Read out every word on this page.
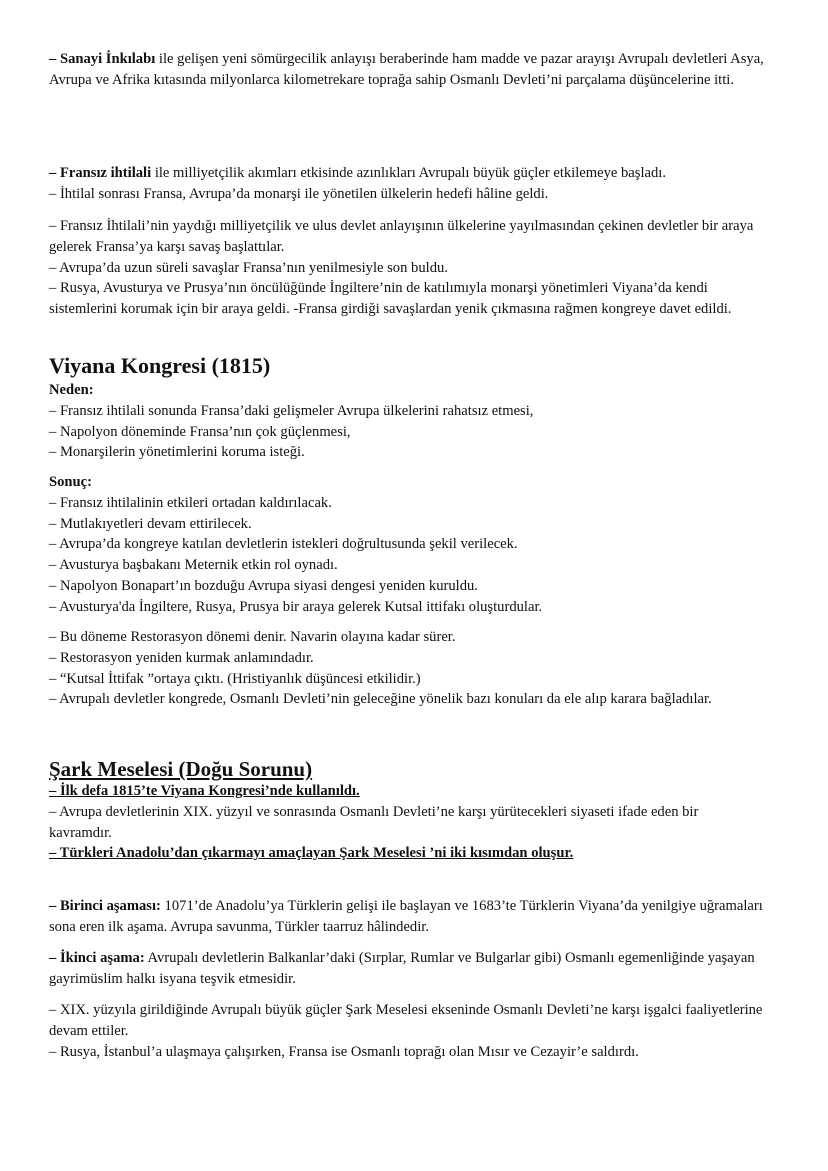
– Sanayi İnkılabı ile gelişen yeni sömürgecilik anlayışı beraberinde ham madde ve pazar arayışı Avrupalı devletleri Asya, Avrupa ve Afrika kıtasında milyonlarca kilometrekare toprağa sahip Osmanlı Devleti’ni parçalama düşüncelerine itti.

– Fransız ihtilali ile milliyetçilik akımları etkisinde azınlıkları Avrupalı büyük güçler etkilemeye başladı.

– İhtilal sonrası Fransa, Avrupa’da monarşi ile yönetilen ülkelerin hedefi hâline geldi.

– Fransız İhtilali’nin yaydığı milliyetçilik ve ulus devlet anlayışının ülkelerine yayılmasından çekinen devletler bir araya gelerek Fransa’ya karşı savaş başlattılar.

– Avrupa’da uzun süreli savaşlar Fransa’nın yenilmesiyle son buldu.

– Rusya, Avusturya ve Prusya’nın öncülüğünde İngiltere’nin de katılımıyla monarşi yönetimleri Viyana’da kendi sistemlerini korumak için bir araya geldi. -Fransa girdiği savaşlardan yenik çıkmasına rağmen kongreye davet edildi.

Viyana Kongresi (1815)

Neden:

– Fransız ihtilali sonunda Fransa’daki gelişmeler Avrupa ülkelerini rahatsız etmesi,

– Napolyon döneminde Fransa’nın çok güçlenmesi,

– Monarşilerin yönetimlerini koruma isteği.

Sonuç:

– Fransız ihtilalinin etkileri ortadan kaldırılacak.

– Mutlakıyetleri devam ettirilecek.

– Avrupa’da kongreye katılan devletlerin istekleri doğrultusunda şekil verilecek.

– Avusturya başbakanı Meternik etkin rol oynadı.

– Napolyon Bonapart’ın bozduğu Avrupa siyasi dengesi yeniden kuruldu.

– Avusturya'da İngiltere, Rusya, Prusya bir araya gelerek Kutsal ittifakı oluşturdular.

– Bu döneme Restorasyon dönemi denir. Navarin olayına kadar sürer.

– Restorasyon yeniden kurmak anlamındadır.

– “Kutsal İttifak ”ortaya çıktı. (Hristiyanlık düşüncesi etkilidir.)

– Avrupalı devletler kongrede, Osmanlı Devleti’nin geleceğine yönelik bazı konuları da ele alıp karara bağladılar.

Şark Meselesi (Doğu Sorunu)

– İlk defa 1815’te Viyana Kongresi’nde kullanıldı.

– Avrupa devletlerinin XIX. yüzyıl ve sonrasında Osmanlı Devleti’ne karşı yürütecekleri siyaseti ifade eden bir

kavramdır.

– Türkleri Anadolu’dan çıkarmayı amaçlayan Şark Meselesi ’ni iki kısımdan oluşur.

– Birinci aşaması: 1071’de Anadolu’ya Türklerin gelişi ile başlayan ve 1683’te Türklerin Viyana’da yenilgiye uğramaları sona eren ilk aşama. Avrupa savunma, Türkler taarruz hâlindedir.

– İkinci aşama: Avrupalı devletlerin Balkanlar’daki (Sırplar, Rumlar ve Bulgarlar gibi) Osmanlı egemenliğinde yaşayan gayrimüslim halkı isyana teşvik etmesidir.

– XIX. yüzyıla girildiğinde Avrupalı büyük güçler Şark Meselesi ekseninde Osmanlı Devleti’ne karşı işgalci faaliyetlerine devam ettiler.

– Rusya, İstanbul’a ulaşmaya çalışırken, Fransa ise Osmanlı toprağı olan Mısır ve Cezayir’e saldırdı.
